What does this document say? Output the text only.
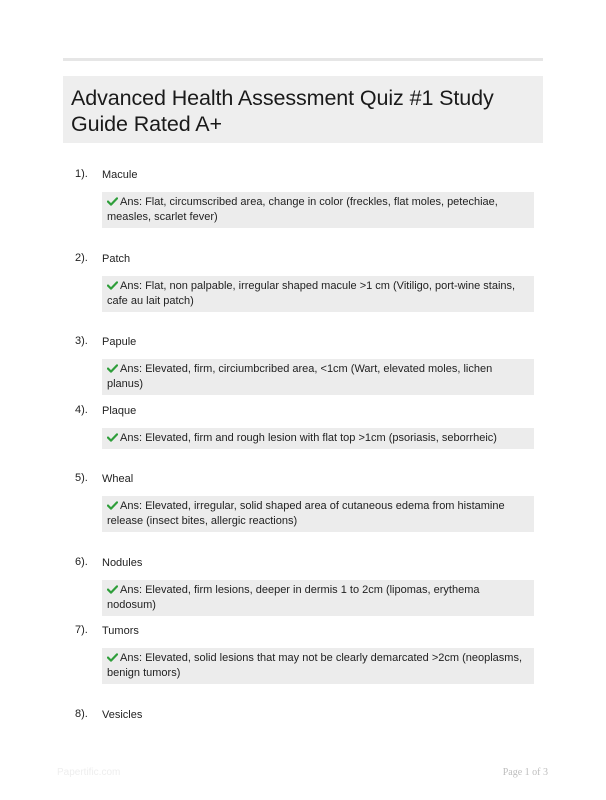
Advanced Health Assessment Quiz #1 Study Guide Rated A+
1). Macule
Ans: Flat, circumscribed area, change in color (freckles, flat moles, petechiae, measles, scarlet fever)
2). Patch
Ans: Flat, non palpable, irregular shaped macule >1 cm (Vitiligo, port-wine stains, cafe au lait patch)
3). Papule
Ans: Elevated, firm, circiumbcribed area, <1cm (Wart, elevated moles, lichen planus)
4). Plaque
Ans: Elevated, firm and rough lesion with flat top >1cm (psoriasis, seborrheic)
5). Wheal
Ans: Elevated, irregular, solid shaped area of cutaneous edema from histamine release (insect bites, allergic reactions)
6). Nodules
Ans: Elevated, firm lesions, deeper in dermis 1 to 2cm (lipomas, erythema nodosum)
7). Tumors
Ans: Elevated, solid lesions that may not be clearly demarcated >2cm (neoplasms, benign tumors)
8). Vesicles
Papertific.com	Page 1 of 3
